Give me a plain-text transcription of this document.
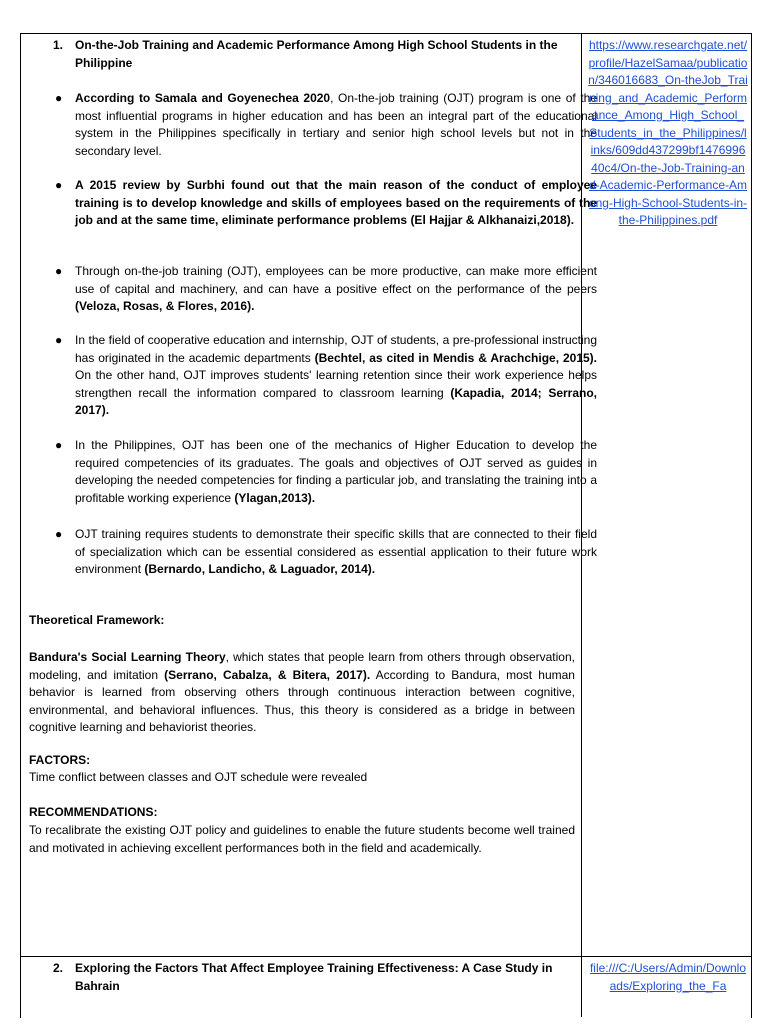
1. On-the-Job Training and Academic Performance Among High School Students in the Philippine
● According to Samala and Goyenechea 2020, On-the-job training (OJT) program is one of the most influential programs in higher education and has been an integral part of the educational system in the Philippines specifically in tertiary and senior high school levels but not in the secondary level.
● A 2015 review by Surbhi found out that the main reason of the conduct of employee training is to develop knowledge and skills of employees based on the requirements of the job and at the same time, eliminate performance problems (El Hajjar & Alkhanaizi,2018).
● Through on-the-job training (OJT), employees can be more productive, can make more efficient use of capital and machinery, and can have a positive effect on the performance of the peers (Veloza, Rosas, & Flores, 2016).
● In the field of cooperative education and internship, OJT of students, a pre-professional instructing has originated in the academic departments (Bechtel, as cited in Mendis & Arachchige, 2015). On the other hand, OJT improves students' learning retention since their work experience helps strengthen recall the information compared to classroom learning (Kapadia, 2014; Serrano, 2017).
● In the Philippines, OJT has been one of the mechanics of Higher Education to develop the required competencies of its graduates. The goals and objectives of OJT served as guides in developing the needed competencies for finding a particular job, and translating the training into a profitable working experience (Ylagan,2013).
● OJT training requires students to demonstrate their specific skills that are connected to their field of specialization which can be essential considered as essential application to their future work environment (Bernardo, Landicho, & Laguador, 2014).
Theoretical Framework:
Bandura's Social Learning Theory, which states that people learn from others through observation, modeling, and imitation (Serrano, Cabalza, & Bitera, 2017). According to Bandura, most human behavior is learned from observing others through continuous interaction between cognitive, environmental, and behavioral influences. Thus, this theory is considered as a bridge in between cognitive learning and behaviorist theories.
FACTORS:
Time conflict between classes and OJT schedule were revealed
RECOMMENDATIONS:
To recalibrate the existing OJT policy and guidelines to enable the future students become well trained and motivated in achieving excellent performances both in the field and academically.
https://www.researchgate.net/profile/HazelSamaa/publication/346016683_On-theJob_Training_and_Academic_Performance_Among_High_School_Students_in_the_Philippines/links/609dd437299bf147699640c4/On-the-Job-Training-and-Academic-Performance-Among-High-School-Students-in-the-Philippines.pdf
2. Exploring the Factors That Affect Employee Training Effectiveness: A Case Study in Bahrain
file:///C:/Users/Admin/Downloads/Exploring_the_Fa
